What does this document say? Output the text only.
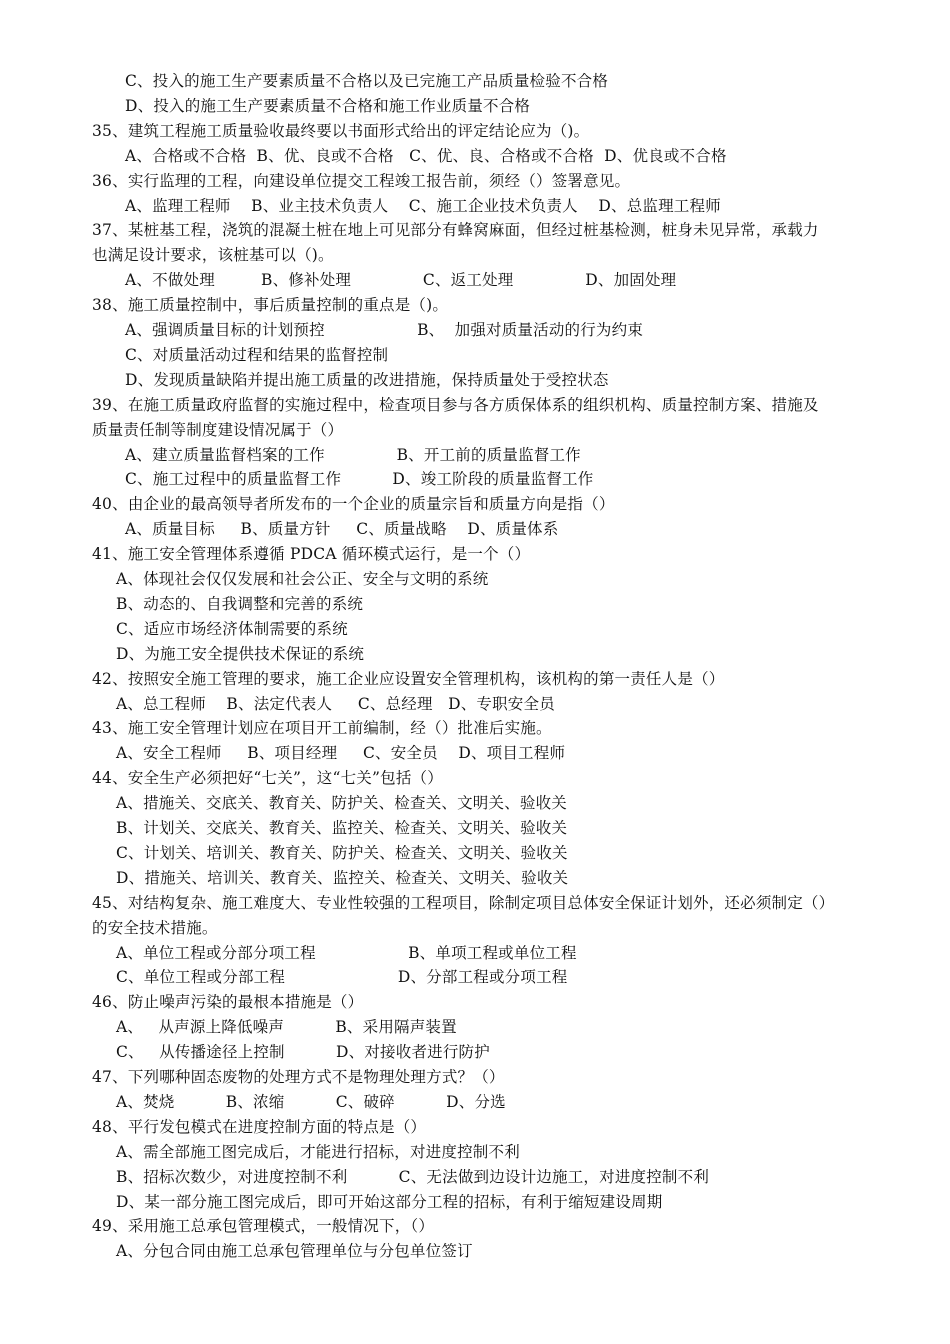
C、投入的施工生产要素质量不合格以及已完施工产品质量检验不合格
D、投入的施工生产要素质量不合格和施工作业质量不合格
35、建筑工程施工质量验收最终要以书面形式给出的评定结论应为（)。
A、合格或不合格  B、优、良或不合格   C、优、良、合格或不合格  D、优良或不合格
36、实行监理的工程，向建设单位提交工程竣工报告前，须经（）签署意见。
A、监理工程师    B、业主技术负责人    C、施工企业技术负责人    D、总监理工程师
37、某桩基工程，浇筑的混凝土桩在地上可见部分有蜂窝麻面，但经过桩基检测，桩身未见异常，承载力
也满足设计要求，该桩基可以（)。
A、不做处理         B、修补处理              C、返工处理              D、加固处理
38、施工质量控制中，事后质量控制的重点是（)。
A、强调质量目标的计划预控                  B、  加强对质量活动的行为约束
C、对质量活动过程和结果的监督控制
D、发现质量缺陷并提出施工质量的改进措施，保持质量处于受控状态
39、在施工质量政府监督的实施过程中，检查项目参与各方质保体系的组织机构、质量控制方案、措施及
质量责任制等制度建设情况属于（）
A、建立质量监督档案的工作              B、开工前的质量监督工作
C、施工过程中的质量监督工作          D、竣工阶段的质量监督工作
40、由企业的最高领导者所发布的一个企业的质量宗旨和质量方向是指（）
A、质量目标     B、质量方针     C、质量战略    D、质量体系
41、施工安全管理体系遵循 PDCA 循环模式运行，是一个（）
A、体现社会仅仅发展和社会公正、安全与文明的系统
B、动态的、自我调整和完善的系统
C、适应市场经济体制需要的系统
D、为施工安全提供技术保证的系统
42、按照安全施工管理的要求，施工企业应设置安全管理机构，该机构的第一责任人是（）
A、总工程师    B、法定代表人     C、总经理   D、专职安全员
43、施工安全管理计划应在项目开工前编制，经（）批准后实施。
A、安全工程师     B、项目经理     C、安全员    D、项目工程师
44、安全生产必须把好“七关”，这“七关”包括（）
A、措施关、交底关、教育关、防护关、检查关、文明关、验收关
B、计划关、交底关、教育关、监控关、检查关、文明关、验收关
C、计划关、培训关、教育关、防护关、检查关、文明关、验收关
D、措施关、培训关、教育关、监控关、检查关、文明关、验收关
45、对结构复杂、施工难度大、专业性较强的工程项目，除制定项目总体安全保证计划外，还必须制定（）
的安全技术措施。
A、单位工程或分部分项工程                  B、单项工程或单位工程
C、单位工程或分部工程                      D、分部工程或分项工程
46、防止噪声污染的最根本措施是（）
A、   从声源上降低噪声          B、采用隔声装置
C、   从传播途径上控制          D、对接收者进行防护
47、下列哪种固态废物的处理方式不是物理处理方式？（）
A、焚烧          B、浓缩          C、破碎          D、分选
48、平行发包模式在进度控制方面的特点是（）
A、需全部施工图完成后，才能进行招标，对进度控制不利
B、招标次数少，对进度控制不利          C、无法做到边设计边施工，对进度控制不利
D、某一部分施工图完成后，即可开始这部分工程的招标，有利于缩短建设周期
49、采用施工总承包管理模式，一般情况下，（）
A、分包合同由施工总承包管理单位与分包单位签订
